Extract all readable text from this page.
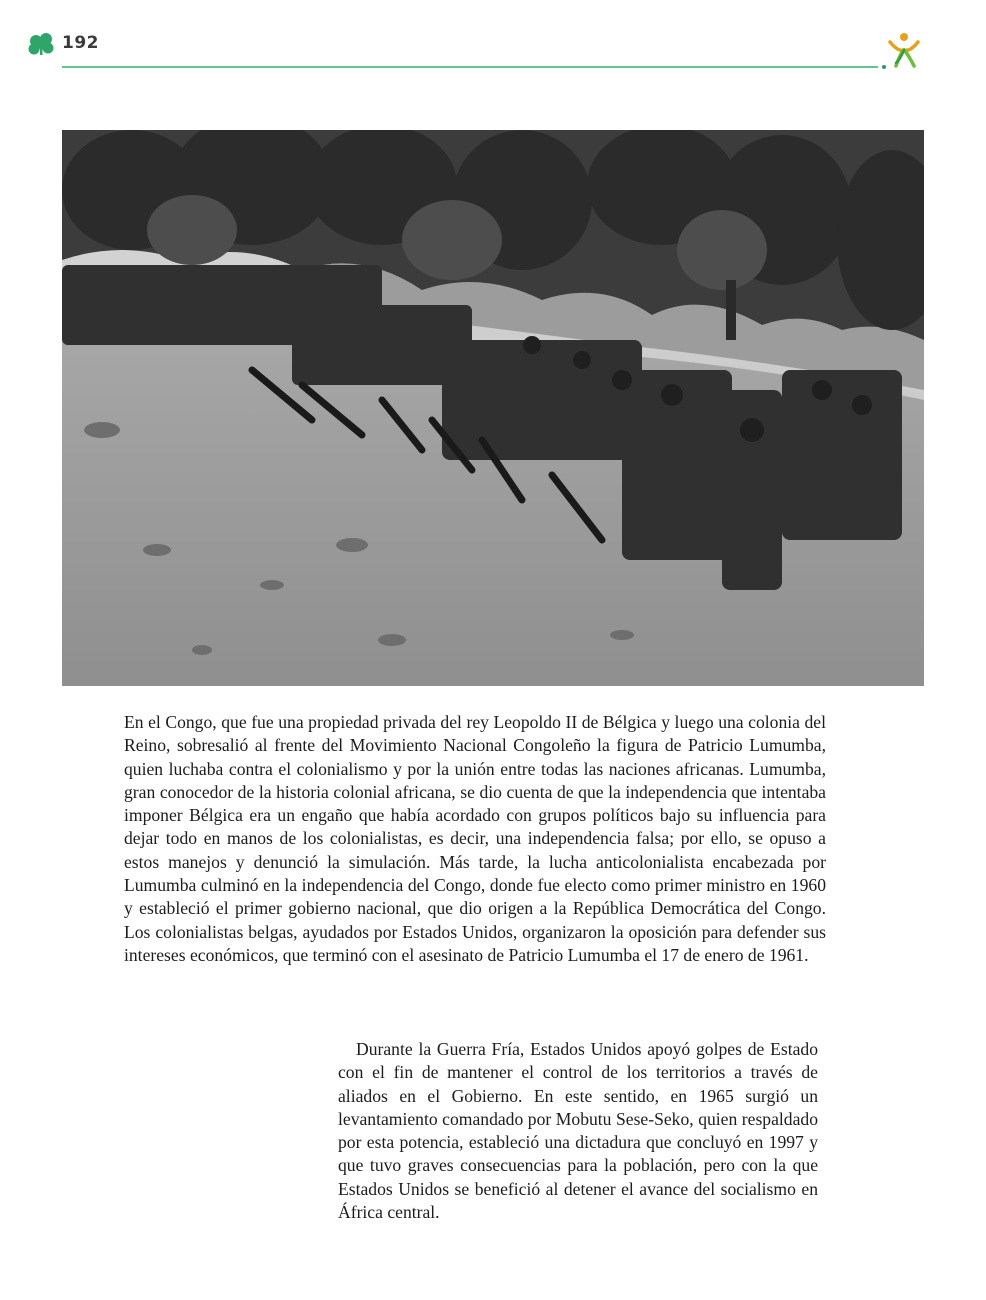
192

En el Congo, que fue una propiedad privada del rey Leopoldo II de Bélgica y luego una colonia del Reino, sobresalió al frente del Movimiento Nacional Congoleño la figura de Patricio Lumumba, quien luchaba contra el colonialismo y por la unión entre todas las naciones africanas. Lumumba, gran conocedor de la historia colonial africana, se dio cuenta de que la independencia que intentaba imponer Bélgica era un engaño que había acordado con grupos políticos bajo su influencia para dejar todo en manos de los colonialistas, es decir, una independencia falsa; por ello, se opuso a estos manejos y denunció la simulación. Más tarde, la lucha anticolonialista encabezada por Lumumba culminó en la independencia del Congo, donde fue electo como primer ministro en 1960 y estableció el primer gobierno nacional, que dio origen a la República Democrática del Congo. Los colonialistas belgas, ayudados por Estados Unidos, organizaron la oposición para defender sus intereses económicos, que terminó con el asesinato de Patricio Lumumba el 17 de enero de 1961.

Durante la Guerra Fría, Estados Unidos apoyó golpes de Estado con el fin de mantener el control de los territorios a través de aliados en el Gobierno. En este sentido, en 1965 surgió un levantamiento comandado por Mobutu Sese-Seko, quien respaldado por esta potencia, estableció una dictadura que concluyó en 1997 y que tuvo graves consecuencias para la población, pero con la que Estados Unidos se benefició al detener el avance del socialismo en África central.
